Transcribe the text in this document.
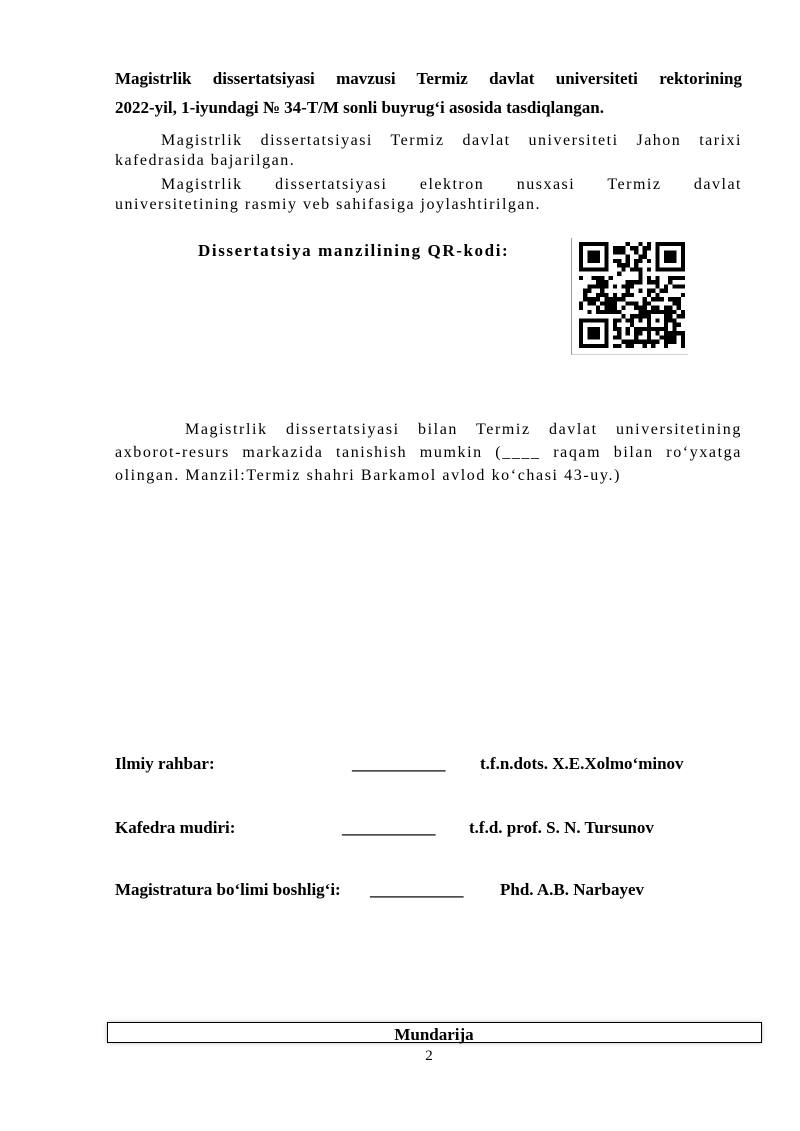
Magistrlik dissertatsiyasi mavzusi Termiz davlat universiteti rektorining
2022-yil, 1-iyundagi № 34-T/M sonli buyrug‘i asosida tasdiqlangan.
Magistrlik dissertatsiyasi Termiz davlat universiteti Jahon tarixi kafedrasida bajarilgan.
Magistrlik dissertatsiyasi elektron nusxasi Termiz davlat
universitetining rasmiy veb sahifasiga joylashtirilgan.
Dissertatsiya manzilining QR-kodi:
Magistrlik dissertatsiyasi bilan Termiz davlat universitetining axborot-resurs markazida tanishish mumkin (____ raqam bilan ro‘yxatga olingan. Manzil:Termiz shahri Barkamol avlod ko‘chasi 43-uy.)
Ilmiy rahbar:	___________ t.f.n.dots. X.E.Xolmo‘minov
Kafedra mudiri:	___________ t.f.d. prof. S. N. Tursunov
Magistratura bo‘limi boshlig‘i: ___________ Phd. A.B. Narbayev
Mundarija
2
